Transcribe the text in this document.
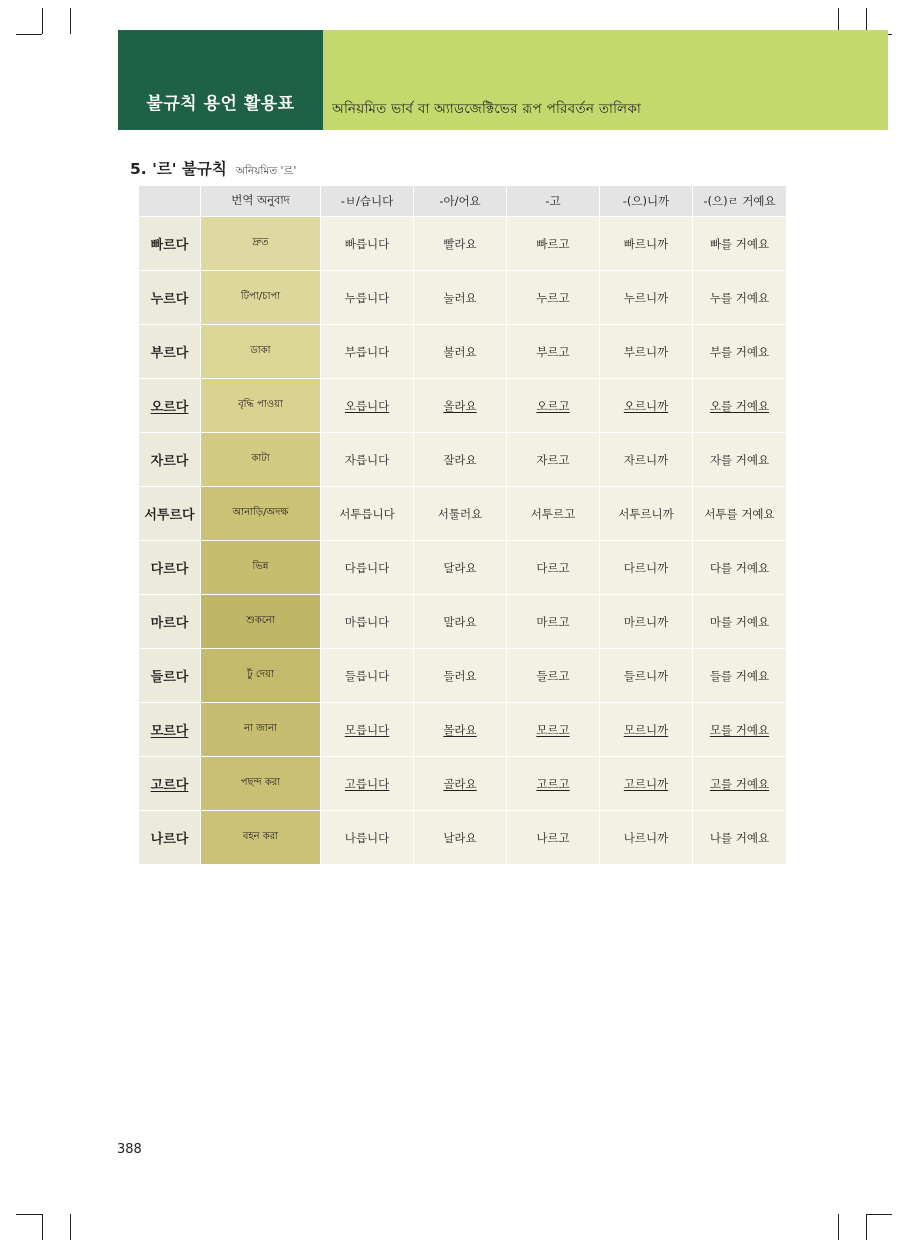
불규칙 용언 활용표	অনিয়মিত ভার্ব বা অ্যাডজেক্টিভের রূপ পরিবর্তন তালিকা
5. '르' 불규칙 অনিয়মিত '르'
	번역 অনুবাদ	-ㅂ/습니다	-아/어요	-고	-(으)니까	-(으)ㄹ 거예요
빠르다	দ্রুত	빠릅니다	빨라요	빠르고	빠르니까	빠를 거예요
누르다	টিপা/চাপা	누릅니다	눌러요	누르고	누르니까	누를 거예요
부르다	ডাকা	부릅니다	불러요	부르고	부르니까	부를 거예요
오르다	বৃদ্ধি পাওয়া	오릅니다	올라요	오르고	오르니까	오를 거예요
자르다	কাটা	자릅니다	잘라요	자르고	자르니까	자를 거예요
서투르다	আনাড়ি/অদক্ষ	서투릅니다	서툴러요	서투르고	서투르니까	서투를 거예요
다르다	ভিন্ন	다릅니다	달라요	다르고	다르니까	다를 거예요
마르다	শুকনো	마릅니다	말라요	마르고	마르니까	마를 거예요
들르다	ঢুঁ দেয়া	들릅니다	들러요	들르고	들르니까	들를 거예요
모르다	না জানা	모릅니다	몰라요	모르고	모르니까	모를 거예요
고르다	পছন্দ করা	고릅니다	골라요	고르고	고르니까	고를 거예요
나르다	বহন করা	나릅니다	날라요	나르고	나르니까	나를 거예요
388
